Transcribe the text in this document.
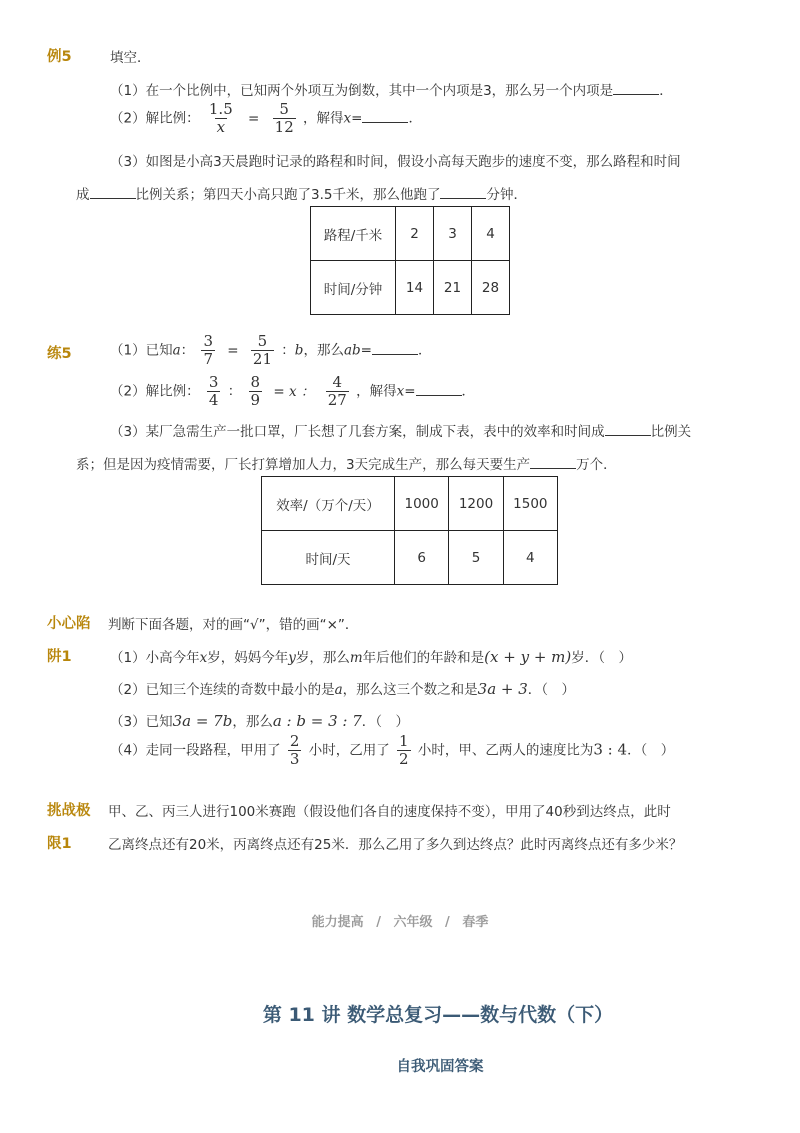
例5	填空．
（1）在一个比例中，已知两个外项互为倒数，其中一个内项是3，那么另一个内项是	．
（2）解比例： $\frac{1.5}{x} = \frac{5}{12}$ ，解得x=	．
（3）如图是小高3天晨跑时记录的路程和时间，假设小高每天跑步的速度不变，那么路程和时间
成	比例关系；第四天小高只跑了3.5千米，那么他跑了	分钟．
路程/千米	2	3	4
时间/分钟	14	21	28
练5	（1）已知a： $\frac{3}{7} = \frac{5}{21}$ ：b，那么ab=	．
（2）解比例： $\frac{3}{4}$ ： $\frac{8}{9} = x$ ： $\frac{4}{27}$ ，解得x=	．
（3）某厂急需生产一批口罩，厂长想了几套方案，制成下表，表中的效率和时间成	比例关
系；但是因为疫情需要，厂长打算增加人力，3天完成生产，那么每天要生产	万个．
效率/（万个/天）	1000	1200	1500
时间/天	6	5	4
小心陷
阱1
判断下面各题，对的画“√”，错的画“×”．
（1）小高今年x岁，妈妈今年y岁，那么m年后他们的年龄和是(x + y + m)岁．（　）
（2）已知三个连续的奇数中最小的是a，那么这三个数之和是3a + 3．（　）
（3）已知3a = 7b，那么a : b = 3 : 7．（　）
（4）走同一段路程，甲用了 $\frac{2}{3}$ 小时，乙用了 $\frac{1}{2}$ 小时，甲、乙两人的速度比为3 : 4．（　）
挑战极
限1
甲、乙、丙三人进行100米赛跑（假设他们各自的速度保持不变），甲用了40秒到达终点，此时
乙离终点还有20米，丙离终点还有25米．那么乙用了多久到达终点？此时丙离终点还有多少米？
能力提高 / 六年级 / 春季
第 11 讲 数学总复习——数与代数（下）
自我巩固答案
